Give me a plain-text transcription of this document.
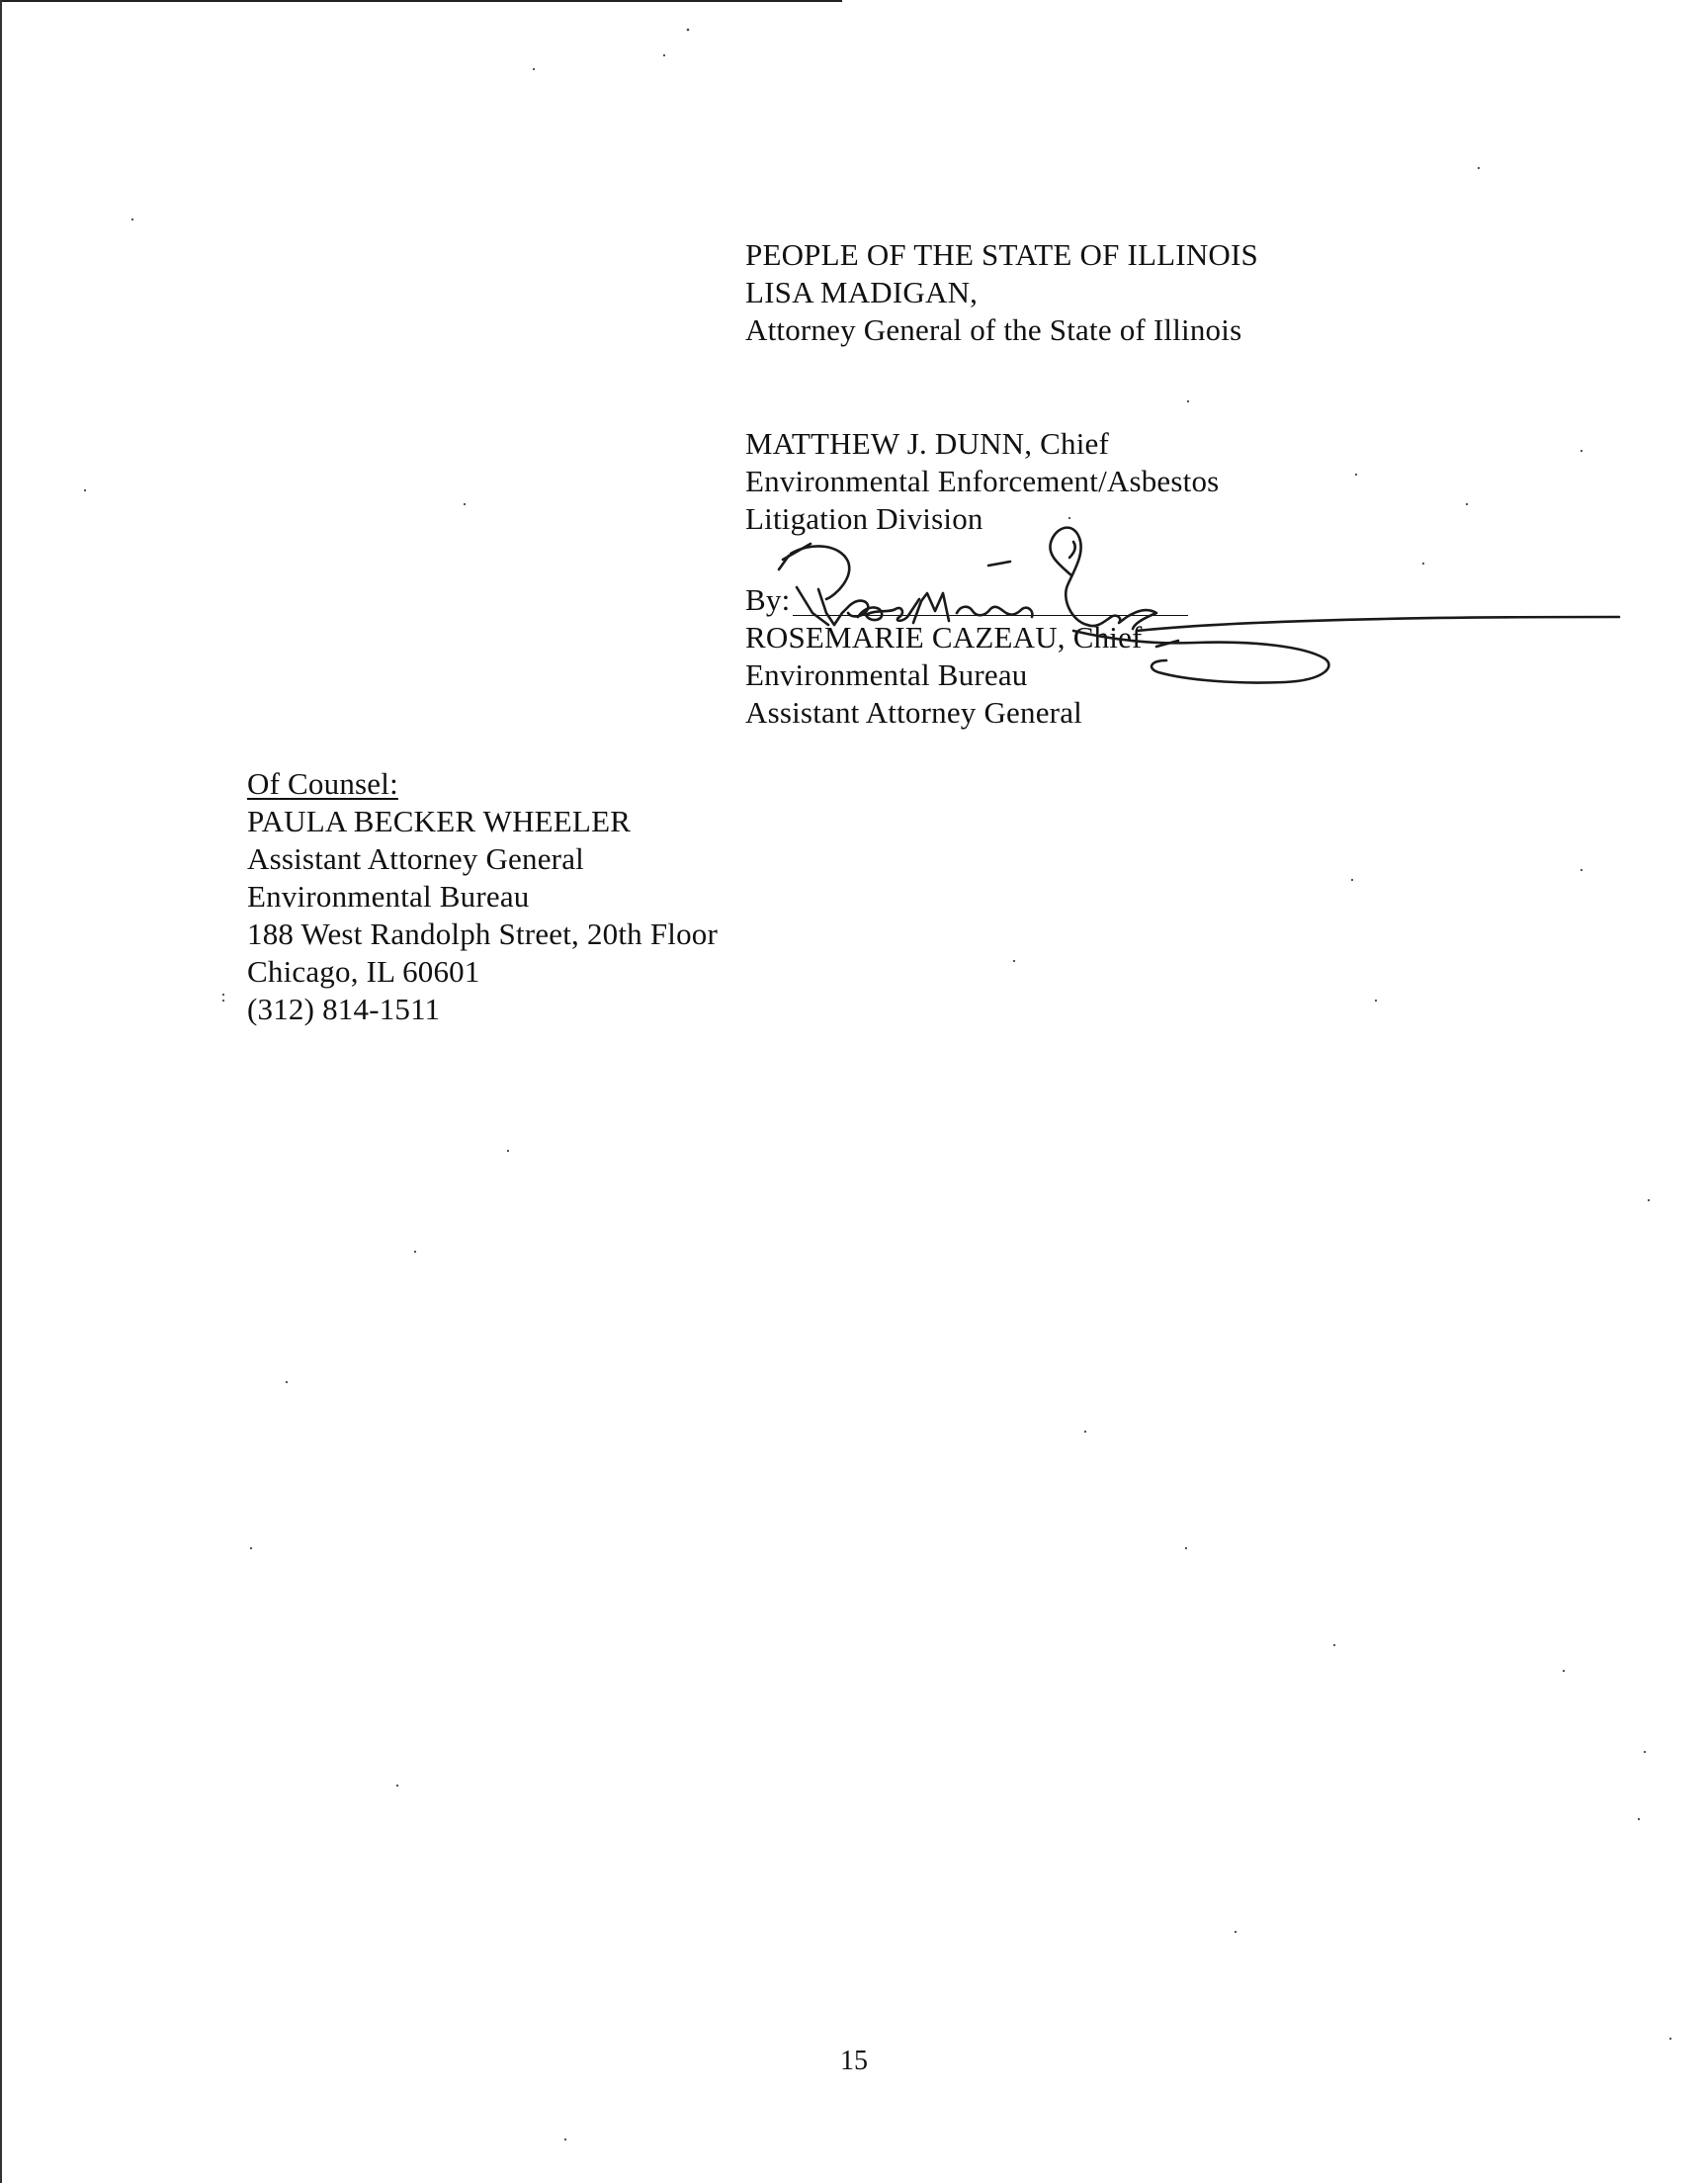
PEOPLE OF THE STATE OF ILLINOIS
LISA MADIGAN,
Attorney General of the State of Illinois
MATTHEW J. DUNN, Chief
Environmental Enforcement/Asbestos
Litigation Division
By:
ROSEMARIE CAZEAU, Chief
Environmental Bureau
Assistant Attorney General
Of Counsel:
PAULA BECKER WHEELER
Assistant Attorney General
Environmental Bureau
188 West Randolph Street, 20th Floor
Chicago, IL 60601
(312) 814-1511
15
